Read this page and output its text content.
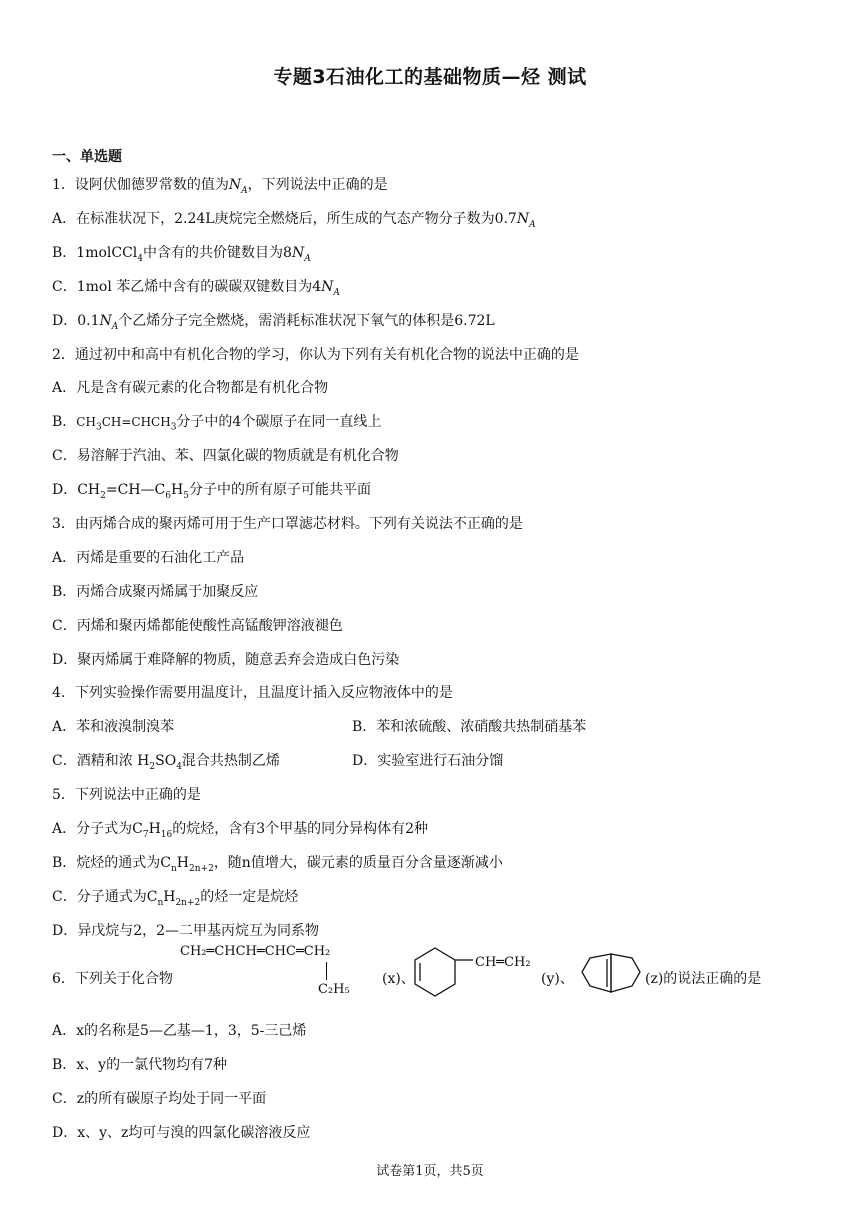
专题3石油化工的基础物质—烃 测试
一、单选题
1．设阿伏伽德罗常数的值为$N_A$，下列说法中正确的是
A．在标准状况下，2.24L庚烷完全燃烧后，所生成的气态产物分子数为$0.7N_A$
B．1molCCl$_4$中含有的共价键数目为$8N_A$
C．1mol 苯乙烯中含有的碳碳双键数目为$4N_A$
D．$0.1N_A$个乙烯分子完全燃烧，需消耗标准状况下氧气的体积是6.72L
2．通过初中和高中有机化合物的学习，你认为下列有关有机化合物的说法中正确的是
A．凡是含有碳元素的化合物都是有机化合物
B．$CH_3CH=CHCH_3$分子中的4个碳原子在同一直线上
C．易溶解于汽油、苯、四氯化碳的物质就是有机化合物
D．$CH_2=CH—C_6H_5$分子中的所有原子可能共平面
3．由丙烯合成的聚丙烯可用于生产口罩滤芯材料。下列有关说法不正确的是
A．丙烯是重要的石油化工产品
B．丙烯合成聚丙烯属于加聚反应
C．丙烯和聚丙烯都能使酸性高锰酸钾溶液褪色
D．聚丙烯属于难降解的物质，随意丢弃会造成白色污染
4．下列实验操作需要用温度计，且温度计插入反应物液体中的是
A．苯和液溴制溴苯	B．苯和浓硫酸、浓硝酸共热制硝基苯
C．酒精和浓 $H_2SO_4$混合共热制乙烯	D．实验室进行石油分馏
5．下列说法中正确的是
A．分子式为$C_7H_{16}$的烷烃，含有3个甲基的同分异构体有2种
B．烷烃的通式为$C_nH_{2n+2}$，随n值增大，碳元素的质量百分含量逐渐减小
C．分子通式为$C_nH_{2n+2}$的烃一定是烷烃
D．异戊烷与2，2—二甲基丙烷互为同系物
6．下列关于化合物
CH₂═CHCH═CHC═CH₂
C₂H₅
(x)、
CH═CH₂
(y)、	(z)的说法正确的是
A．x的名称是5—乙基—1，3，5-三己烯
B．x、y的一氯代物均有7种
C．z的所有碳原子均处于同一平面
D．x、y、z均可与溴的四氯化碳溶液反应
试卷第1页，共5页
